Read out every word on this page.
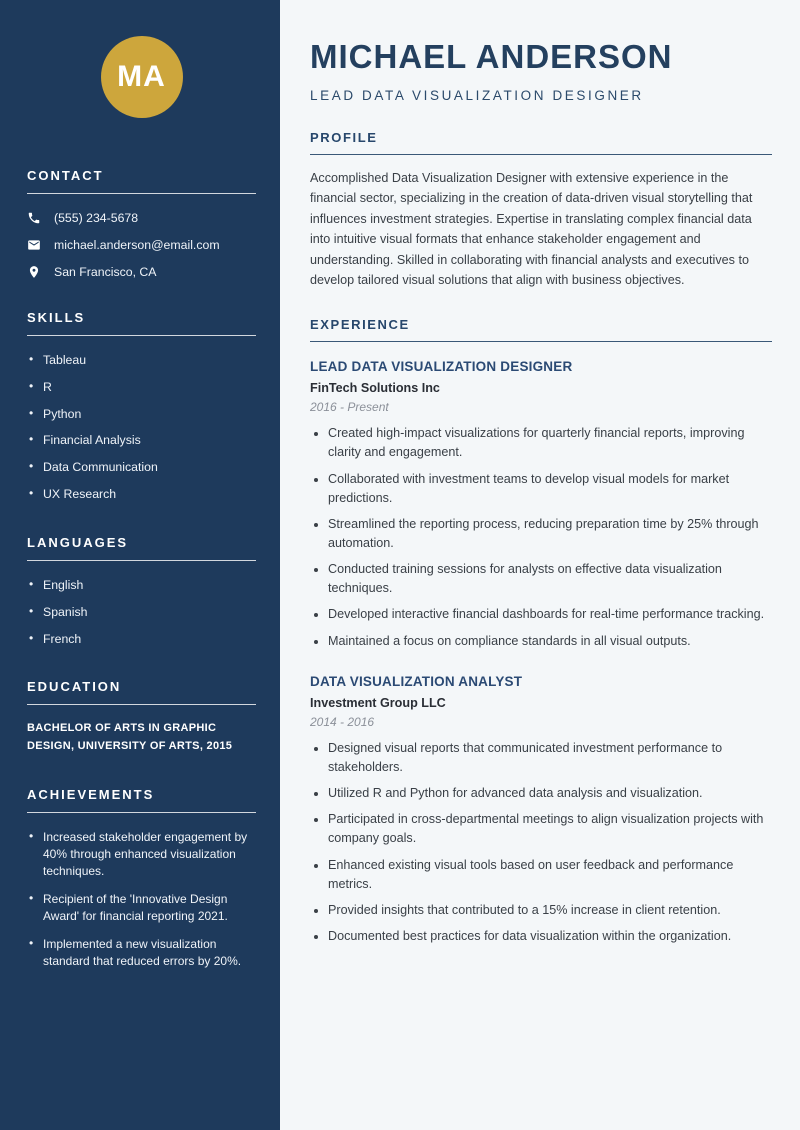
MA
CONTACT
(555) 234-5678
michael.anderson@email.com
San Francisco, CA
SKILLS
• Tableau
• R
• Python
• Financial Analysis
• Data Communication
• UX Research
LANGUAGES
• English
• Spanish
• French
EDUCATION
BACHELOR OF ARTS IN GRAPHIC DESIGN, UNIVERSITY OF ARTS, 2015
ACHIEVEMENTS
• Increased stakeholder engagement by 40% through enhanced visualization techniques.
• Recipient of the 'Innovative Design Award' for financial reporting 2021.
• Implemented a new visualization standard that reduced errors by 20%.
MICHAEL ANDERSON
LEAD DATA VISUALIZATION DESIGNER
PROFILE

Accomplished Data Visualization Designer with extensive experience in the financial sector, specializing in the creation of data-driven visual storytelling that influences investment strategies. Expertise in translating complex financial data into intuitive visual formats that enhance stakeholder engagement and understanding. Skilled in collaborating with financial analysts and executives to develop tailored visual solutions that align with business objectives.

EXPERIENCE
LEAD DATA VISUALIZATION DESIGNER
FinTech Solutions Inc
2016 - Present
• Created high-impact visualizations for quarterly financial reports, improving clarity and engagement.
• Collaborated with investment teams to develop visual models for market predictions.
• Streamlined the reporting process, reducing preparation time by 25% through automation.
• Conducted training sessions for analysts on effective data visualization techniques.
• Developed interactive financial dashboards for real-time performance tracking.
• Maintained a focus on compliance standards in all visual outputs.
DATA VISUALIZATION ANALYST
Investment Group LLC
2014 - 2016
• Designed visual reports that communicated investment performance to stakeholders.
• Utilized R and Python for advanced data analysis and visualization.
• Participated in cross-departmental meetings to align visualization projects with company goals.
• Enhanced existing visual tools based on user feedback and performance metrics.
• Provided insights that contributed to a 15% increase in client retention.
• Documented best practices for data visualization within the organization.
